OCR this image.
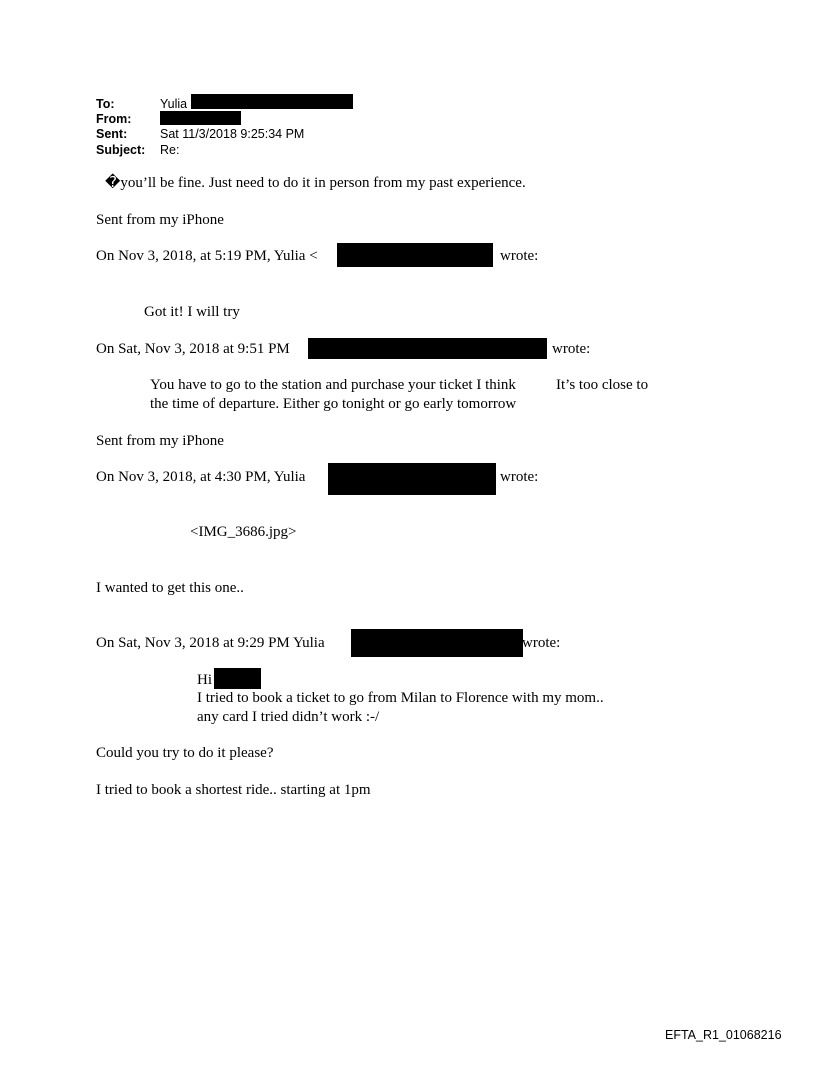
To:	Yulia
From:
Sent:	Sat 11/3/2018 9:25:34 PM
Subject: Re:
�you’ll be fine. Just need to do it in person from my past experience.
Sent from my iPhone
On Nov 3, 2018, at 5:19 PM, Yulia <	wrote:
Got it! I will try
On Sat, Nov 3, 2018 at 9:51 PM	wrote:
You have to go to the station and purchase your ticket I think	It’s too close to
the time of departure. Either go tonight or go early tomorrow
Sent from my iPhone
On Nov 3, 2018, at 4:30 PM, Yulia	wrote:
<IMG_3686.jpg>
I wanted to get this one..
On Sat, Nov 3, 2018 at 9:29 PM Yulia	wrote:
Hi
I tried to book a ticket to go from Milan to Florence with my mom..
any card I tried didn’t work :-/
Could you try to do it please?
I tried to book a shortest ride.. starting at 1pm
EFTA_R1_01068216
